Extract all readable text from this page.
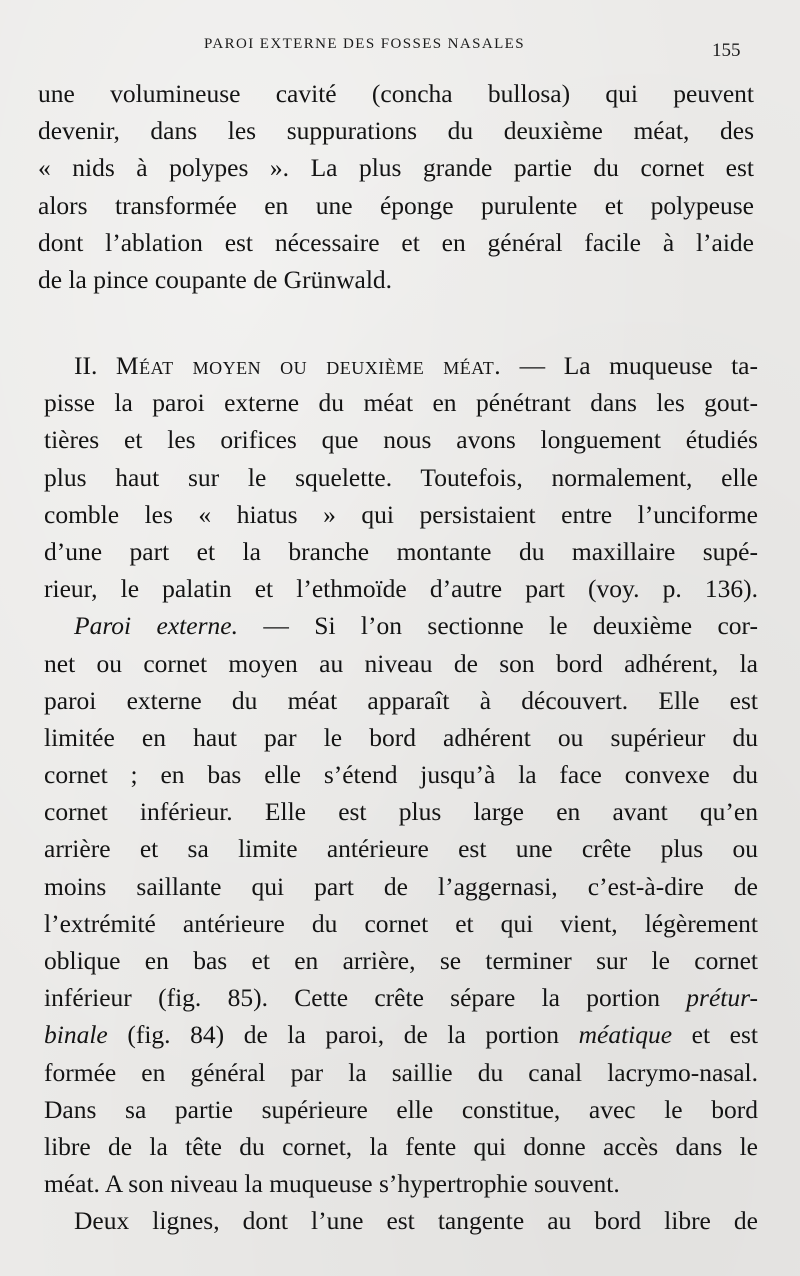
PAROI EXTERNE DES FOSSES NASALES	155
une volumineuse cavité (concha bullosa) qui peuvent
devenir, dans les suppurations du deuxième méat, des
« nids à polypes ». La plus grande partie du cornet est
alors transformée en une éponge purulente et polypeuse
dont l’ablation est nécessaire et en général facile à l’aide
de la pince coupante de Grünwald.
II. Méat moyen ou deuxième méat. — La muqueuse ta-
pisse la paroi externe du méat en pénétrant dans les gout-
tières et les orifices que nous avons longuement étudiés
plus haut sur le squelette. Toutefois, normalement, elle
comble les « hiatus » qui persistaient entre l’unciforme
d’une part et la branche montante du maxillaire supé-
rieur, le palatin et l’ethmoïde d’autre part (voy. p. 136).
Paroi externe. — Si l’on sectionne le deuxième cor-
net ou cornet moyen au niveau de son bord adhérent, la
paroi externe du méat apparaît à découvert. Elle est
limitée en haut par le bord adhérent ou supérieur du
cornet ; en bas elle s’étend jusqu’à la face convexe du
cornet inférieur. Elle est plus large en avant qu’en
arrière et sa limite antérieure est une crête plus ou
moins saillante qui part de l’aggernasi, c’est-à-dire de
l’extrémité antérieure du cornet et qui vient, légèrement
oblique en bas et en arrière, se terminer sur le cornet
inférieur (fig. 85). Cette crête sépare la portion prétur-
binale (fig. 84) de la paroi, de la portion méatique et est
formée en général par la saillie du canal lacrymo-nasal.
Dans sa partie supérieure elle constitue, avec le bord
libre de la tête du cornet, la fente qui donne accès dans le
méat. A son niveau la muqueuse s’hypertrophie souvent.
Deux lignes, dont l’une est tangente au bord libre de
